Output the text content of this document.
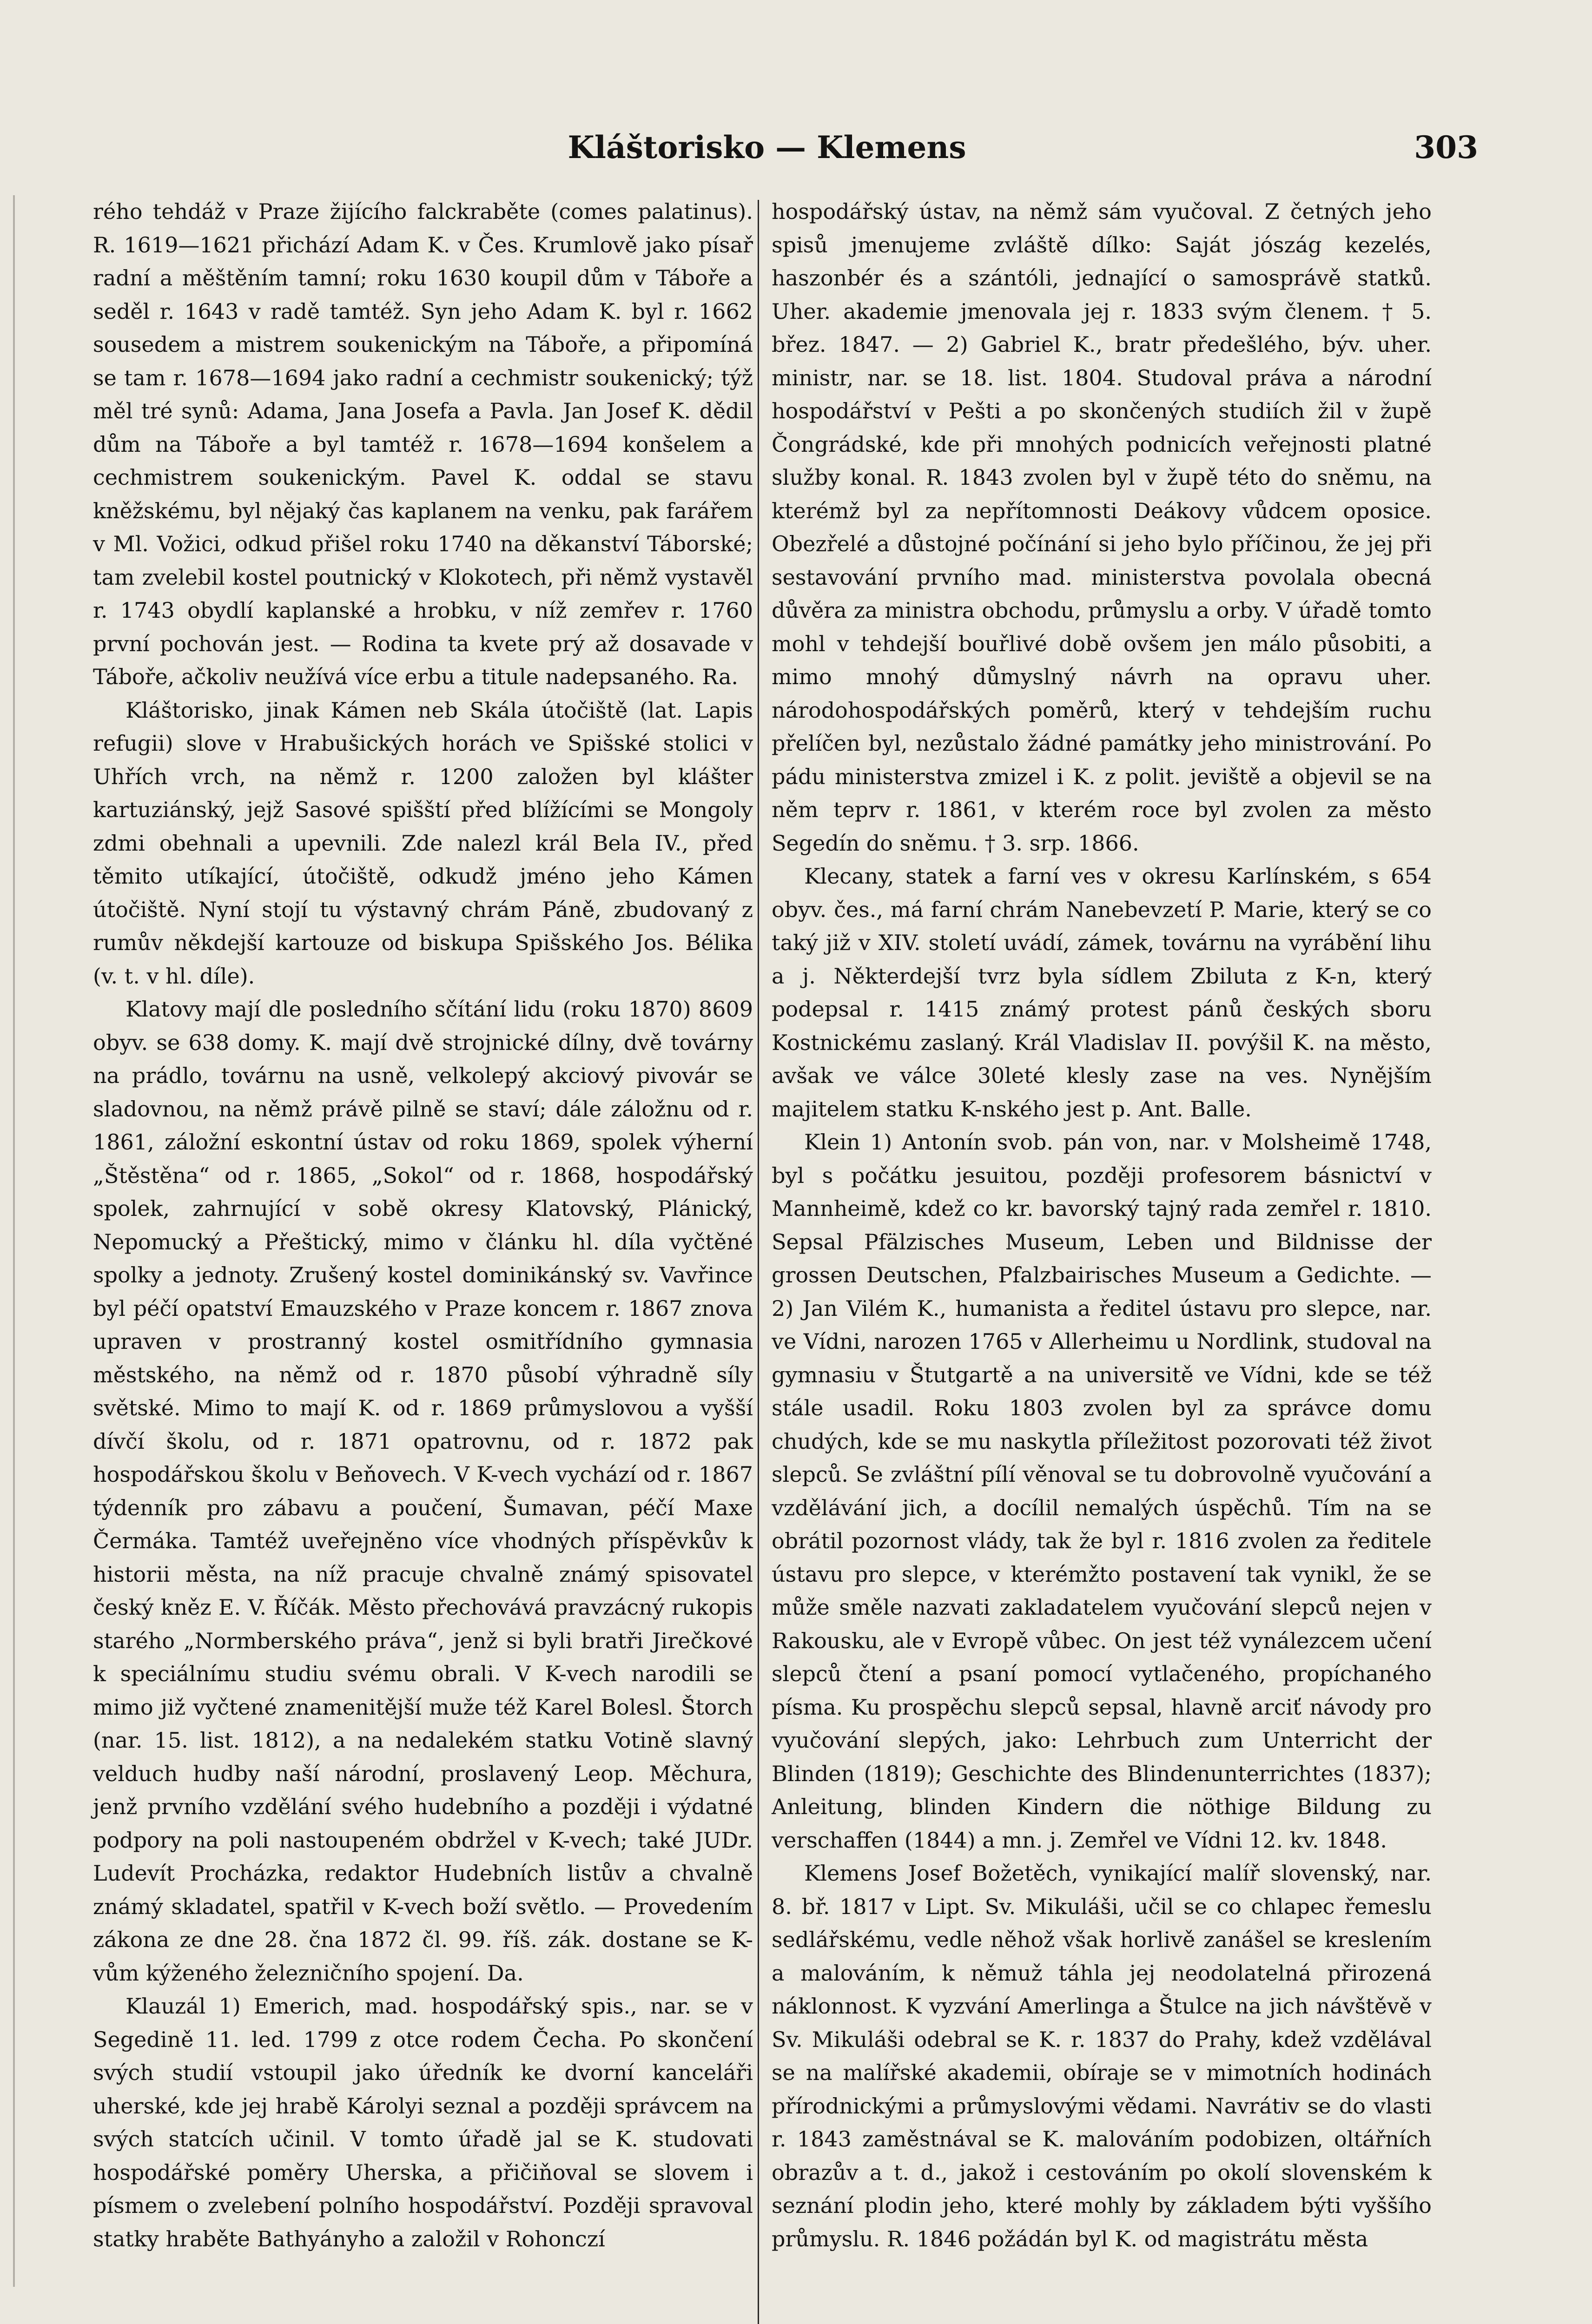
Kláštorisko — Klemens	303

rého tehdáž v Praze žijícího falckraběte (comes palatinus). R. 1619—1621 přichází Adam K. v Čes. Krumlově jako písař radní a měštěním tamní; roku 1630 koupil dům v Táboře a seděl r. 1643 v radě tamtéž. Syn jeho Adam K. byl r. 1662 sousedem a mistrem soukenickým na Táboře, a připomíná se tam r. 1678—1694 jako radní a cechmistr soukenický; týž měl tré synů: Adama, Jana Josefa a Pavla. Jan Josef K. dědil dům na Táboře a byl tamtéž r. 1678—1694 konšelem a cechmistrem soukenickým. Pavel K. oddal se stavu kněžskému, byl nějaký čas kaplanem na venku, pak farářem v Ml. Vožici, odkud přišel roku 1740 na děkanství Táborské; tam zvelebil kostel poutnický v Klokotech, při němž vystavěl r. 1743 obydlí kaplanské a hrobku, v níž zemřev r. 1760 první pochován jest. — Rodina ta kvete prý až dosavade v Táboře, ačkoliv neužívá více erbu a titule nadepsaného. Ra.

Kláštorisko, jinak Kámen neb Skála útočiště (lat. Lapis refugii) slove v Hrabušických horách ve Spišské stolici v Uhřích vrch, na němž r. 1200 založen byl klášter kartuziánský, jejž Sasové spišští před blížícími se Mongoly zdmi obehnali a upevnili. Zde nalezl král Bela IV., před těmito utíkající, útočiště, odkudž jméno jeho Kámen útočiště. Nyní stojí tu výstavný chrám Páně, zbudovaný z rumův někdejší kartouze od biskupa Spišského Jos. Bélika (v. t. v hl. díle).

Klatovy mají dle posledního sčítání lidu (roku 1870) 8609 obyv. se 638 domy. K. mají dvě strojnické dílny, dvě továrny na prádlo, továrnu na usně, velkolepý akciový pivovár se sladovnou, na němž právě pilně se staví; dále záložnu od r. 1861, záložní eskontní ústav od roku 1869, spolek výherní „Štěstěna“ od r. 1865, „Sokol“ od r. 1868, hospodářský spolek, zahrnující v sobě okresy Klatovský, Plánický, Nepomucký a Přeštický, mimo v článku hl. díla vyčtěné spolky a jednoty. Zrušený kostel dominikánský sv. Vavřince byl péčí opatství Emauzského v Praze koncem r. 1867 znova upraven v prostranný kostel osmitřídního gymnasia městského, na němž od r. 1870 působí výhradně síly světské. Mimo to mají K. od r. 1869 průmyslovou a vyšší dívčí školu, od r. 1871 opatrovnu, od r. 1872 pak hospodářskou školu v Beňovech. V K-vech vychází od r. 1867 týdenník pro zábavu a poučení, Šumavan, péčí Maxe Čermáka. Tamtéž uveřejněno více vhodných příspěvkův k historii města, na níž pracuje chvalně známý spisovatel český kněz E. V. Říčák. Město přechovává pravzácný rukopis starého „Normberského práva“, jenž si byli bratři Jirečkové k speciálnímu studiu svému obrali. V K-vech narodili se mimo již vyčtené znamenitější muže též Karel Bolesl. Štorch (nar. 15. list. 1812), a na nedalekém statku Votině slavný velduch hudby naší národní, proslavený Leop. Měchura, jenž prvního vzdělání svého hudebního a později i výdatné podpory na poli nastoupeném obdržel v K-vech; také JUDr. Ludevít Procházka, redaktor Hudebních listův a chvalně známý skladatel, spatřil v K-vech boží světlo. — Provedením zákona ze dne 28. čna 1872 čl. 99. říš. zák. dostane se K-vům kýženého železničního spojení. Da.

Klauzál 1) Emerich, mad. hospodářský spis., nar. se v Segedině 11. led. 1799 z otce rodem Čecha. Po skončení svých studií vstoupil jako úředník ke dvorní kanceláři uherské, kde jej hrabě Károlyi seznal a později správcem na svých statcích učinil. V tomto úřadě jal se K. studovati hospodářské poměry Uherska, a přičiňoval se slovem i písmem o zvelebení polního hospodářství. Později spravoval statky hraběte Bathyányho a založil v Rohonczí

hospodářský ústav, na němž sám vyučoval. Z četných jeho spisů jmenujeme zvláště dílko: Saját jószág kezelés, haszonbér és a szántóli, jednající o samosprávě statků. Uher. akademie jmenovala jej r. 1833 svým členem. † 5. břez. 1847. — 2) Gabriel K., bratr předešlého, býv. uher. ministr, nar. se 18. list. 1804. Studoval práva a národní hospodářství v Pešti a po skončených studiích žil v župě Čongrádské, kde při mnohých podnicích veřejnosti platné služby konal. R. 1843 zvolen byl v župě této do sněmu, na kterémž byl za nepřítomnosti Deákovy vůdcem oposice. Obezřelé a důstojné počínání si jeho bylo příčinou, že jej při sestavování prvního mad. ministerstva povolala obecná důvěra za ministra obchodu, průmyslu a orby. V úřadě tomto mohl v tehdejší bouřlivé době ovšem jen málo působiti, a mimo mnohý důmyslný návrh na opravu uher. národohospodářských poměrů, který v tehdejším ruchu přelíčen byl, nezůstalo žádné památky jeho ministrování. Po pádu ministerstva zmizel i K. z polit. jeviště a objevil se na něm teprv r. 1861, v kterém roce byl zvolen za město Segedín do sněmu. † 3. srp. 1866.

Klecany, statek a farní ves v okresu Karlínském, s 654 obyv. čes., má farní chrám Nanebevzetí P. Marie, který se co taký již v XIV. století uvádí, zámek, továrnu na vyrábění lihu a j. Některdejší tvrz byla sídlem Zbiluta z K-n, který podepsal r. 1415 známý protest pánů českých sboru Kostnickému zaslaný. Král Vladislav II. povýšil K. na město, avšak ve válce 30leté klesly zase na ves. Nynějším majitelem statku K-nského jest p. Ant. Balle.

Klein 1) Antonín svob. pán von, nar. v Molsheimě 1748, byl s počátku jesuitou, později profesorem básnictví v Mannheimě, kdež co kr. bavorský tajný rada zemřel r. 1810. Sepsal Pfälzisches Museum, Leben und Bildnisse der grossen Deutschen, Pfalzbairisches Museum a Gedichte. — 2) Jan Vilém K., humanista a ředitel ústavu pro slepce, nar. ve Vídni, narozen 1765 v Allerheimu u Nordlink, studoval na gymnasiu v Štutgartě a na universitě ve Vídni, kde se též stále usadil. Roku 1803 zvolen byl za správce domu chudých, kde se mu naskytla příležitost pozorovati též život slepců. Se zvláštní pílí věnoval se tu dobrovolně vyučování a vzdělávání jich, a docílil nemalých úspěchů. Tím na se obrátil pozornost vlády, tak že byl r. 1816 zvolen za ředitele ústavu pro slepce, v kterémžto postavení tak vynikl, že se může směle nazvati zakladatelem vyučování slepců nejen v Rakousku, ale v Evropě vůbec. On jest též vynálezcem učení slepců čtení a psaní pomocí vytlačeného, propíchaného písma. Ku prospěchu slepců sepsal, hlavně arciť návody pro vyučování slepých, jako: Lehrbuch zum Unterricht der Blinden (1819); Geschichte des Blindenunterrichtes (1837); Anleitung, blinden Kindern die nöthige Bildung zu verschaffen (1844) a mn. j. Zemřel ve Vídni 12. kv. 1848.

Klemens Josef Božetěch, vynikající malíř slovenský, nar. 8. bř. 1817 v Lipt. Sv. Mikuláši, učil se co chlapec řemeslu sedlářskému, vedle něhož však horlivě zanášel se kreslením a malováním, k němuž táhla jej neodolatelná přirozená náklonnost. K vyzvání Amerlinga a Štulce na jich návštěvě v Sv. Mikuláši odebral se K. r. 1837 do Prahy, kdež vzdělával se na malířské akademii, obíraje se v mimotních hodinách přírodnickými a průmyslovými vědami. Navrátiv se do vlasti r. 1843 zaměstnával se K. malováním podobizen, oltářních obrazův a t. d., jakož i cestováním po okolí slovenském k seznání plodin jeho, které mohly by základem býti vyššího průmyslu. R. 1846 požádán byl K. od magistrátu města
